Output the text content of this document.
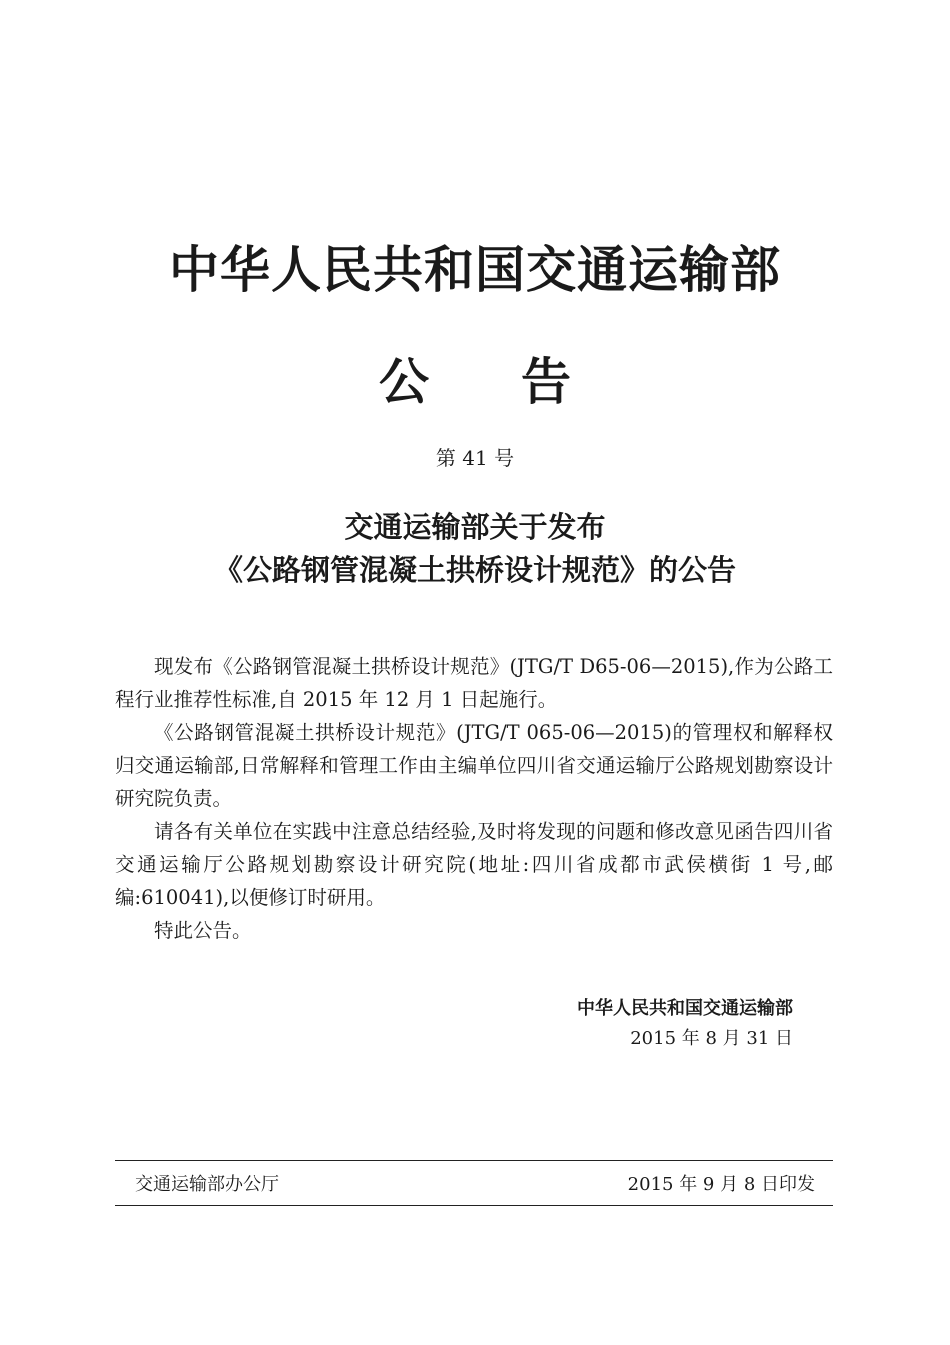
中华人民共和国交通运输部
公 告
第 41 号
交通运输部关于发布
《公路钢管混凝土拱桥设计规范》的公告

现发布《公路钢管混凝土拱桥设计规范》(JTG/T D65-06—2015),作为公路工程行业推荐性标准,自 2015 年 12 月 1 日起施行。

《公路钢管混凝土拱桥设计规范》(JTG/T 065-06—2015)的管理权和解释权归交通运输部,日常解释和管理工作由主编单位四川省交通运输厅公路规划勘察设计研究院负责。

请各有关单位在实践中注意总结经验,及时将发现的问题和修改意见函告四川省交通运输厅公路规划勘察设计研究院(地址:四川省成都市武侯横街 1 号,邮编:610041),以便修订时研用。

特此公告。

中华人民共和国交通运输部
2015 年 8 月 31 日
交通运输部办公厅	2015 年 9 月 8 日印发
